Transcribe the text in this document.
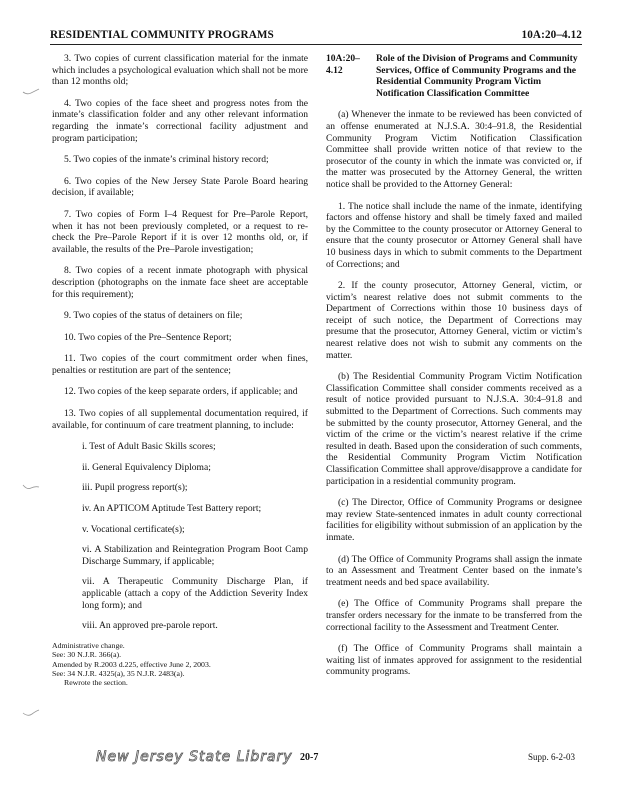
RESIDENTIAL COMMUNITY PROGRAMS	10A:20–4.12

3. Two copies of current classification material for the inmate which includes a psychological evaluation which shall not be more than 12 months old;

4. Two copies of the face sheet and progress notes from the inmate’s classification folder and any other relevant information regarding the inmate’s correctional facility adjustment and program participation;

5. Two copies of the inmate’s criminal history record;

6. Two copies of the New Jersey State Parole Board hearing decision, if available;

7. Two copies of Form I–4 Request for Pre–Parole Report, when it has not been previously completed, or a request to re-check the Pre–Parole Report if it is over 12 months old, or, if available, the results of the Pre–Parole investigation;

8. Two copies of a recent inmate photograph with physical description (photographs on the inmate face sheet are acceptable for this requirement);

9. Two copies of the status of detainers on file;

10. Two copies of the Pre–Sentence Report;

11. Two copies of the court commitment order when fines, penalties or restitution are part of the sentence;

12. Two copies of the keep separate orders, if applicable; and

13. Two copies of all supplemental documentation required, if available, for continuum of care treatment planning, to include:

i. Test of Adult Basic Skills scores;

ii. General Equivalency Diploma;

iii. Pupil progress report(s);

iv. An APTICOM Aptitude Test Battery report;

v. Vocational certificate(s);

vi. A Stabilization and Reintegration Program Boot Camp Discharge Summary, if applicable;

vii. A Therapeutic Community Discharge Plan, if applicable (attach a copy of the Addiction Severity Index long form); and

viii. An approved pre-parole report.

Administrative change.
See: 30 N.J.R. 366(a).
Amended by R.2003 d.225, effective June 2, 2003.
See: 34 N.J.R. 4325(a), 35 N.J.R. 2483(a).
Rewrote the section.
10A:20–4.12
Role of the Division of Programs and Community Services, Office of Community Programs and the Residential Community Program Victim Notification Classification Committee

(a) Whenever the inmate to be reviewed has been convicted of an offense enumerated at N.J.S.A. 30:4–91.8, the Residential Community Program Victim Notification Classification Committee shall provide written notice of that review to the prosecutor of the county in which the inmate was convicted or, if the matter was prosecuted by the Attorney General, the written notice shall be provided to the Attorney General:

1. The notice shall include the name of the inmate, identifying factors and offense history and shall be timely faxed and mailed by the Committee to the county prosecutor or Attorney General to ensure that the county prosecutor or Attorney General shall have 10 business days in which to submit comments to the Department of Corrections; and

2. If the county prosecutor, Attorney General, victim, or victim’s nearest relative does not submit comments to the Department of Corrections within those 10 business days of receipt of such notice, the Department of Corrections may presume that the prosecutor, Attorney General, victim or victim’s nearest relative does not wish to submit any comments on the matter.

(b) The Residential Community Program Victim Notification Classification Committee shall consider comments received as a result of notice provided pursuant to N.J.S.A. 30:4–91.8 and submitted to the Department of Corrections. Such comments may be submitted by the county prosecutor, Attorney General, and the victim of the crime or the victim’s nearest relative if the crime resulted in death. Based upon the consideration of such comments, the Residential Community Program Victim Notification Classification Committee shall approve/disapprove a candidate for participation in a residential community program.

(c) The Director, Office of Community Programs or designee may review State-sentenced inmates in adult county correctional facilities for eligibility without submission of an application by the inmate.

(d) The Office of Community Programs shall assign the inmate to an Assessment and Treatment Center based on the inmate’s treatment needs and bed space availability.

(e) The Office of Community Programs shall prepare the transfer orders necessary for the inmate to be transferred from the correctional facility to the Assessment and Treatment Center.

(f) The Office of Community Programs shall maintain a waiting list of inmates approved for assignment to the residential community programs.

New Jersey State Library 20-7	Supp. 6-2-03
